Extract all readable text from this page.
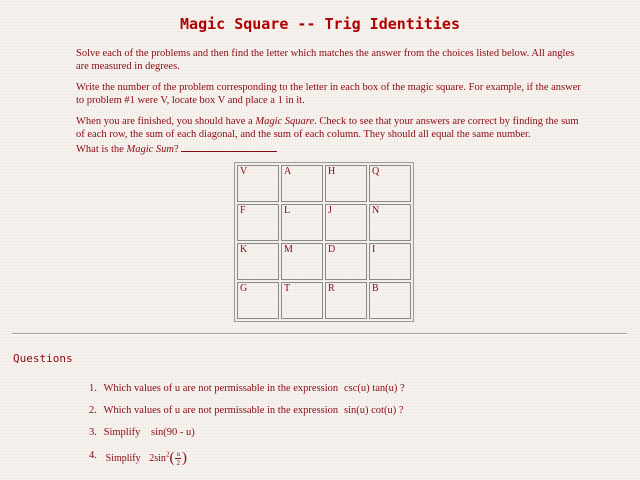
Magic Square -- Trig Identities

Solve each of the problems and then find the letter which matches the answer from the choices listed below. All angles are measured in degrees.

Write the number of the problem corresponding to the letter in each box of the magic square. For example, if the answer to problem #1 were V, locate box V and place a 1 in it.

When you are finished, you should have a Magic Square. Check to see that your answers are correct by finding the sum of each row, the sum of each diagonal, and the sum of each column. They should all equal the same number.
What is the Magic Sum?

V	A	H	Q
F	L	J	N
K	M	D	I
G	T	R	B
Questions
1. Which values of u are not permissable in the expression csc(u) tan(u) ?
2. Which values of u are not permissable in the expression sin(u) cot(u) ?
3. Simplify sin(90 - u)
4. Simplify $2\sin^2( \frac{u}{2}$ )
